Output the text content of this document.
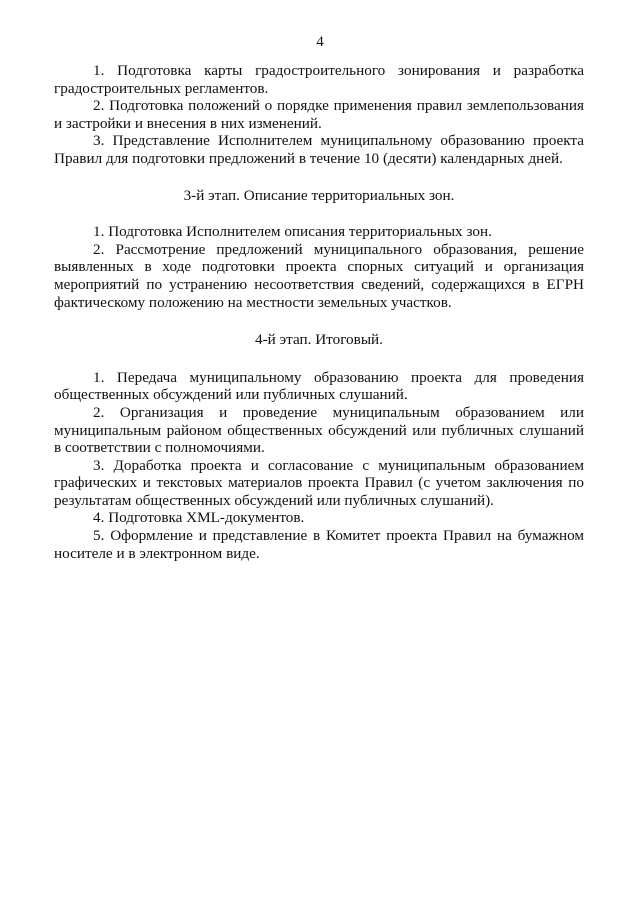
4

1. Подготовка карты градостроительного зонирования и разработка градостроительных регламентов.

2. Подготовка положений о порядке применения правил землепользования и застройки и внесения в них изменений.

3. Представление Исполнителем муниципальному образованию проекта Правил для подготовки предложений в течение 10 (десяти) календарных дней.

3-й этап. Описание территориальных зон.

1. Подготовка Исполнителем описания территориальных зон.

2. Рассмотрение предложений муниципального образования, решение выявленных в ходе подготовки проекта спорных ситуаций и организация мероприятий по устранению несоответствия сведений, содержащихся в ЕГРН фактическому положению на местности земельных участков.

4-й этап. Итоговый.

1. Передача муниципальному образованию проекта для проведения общественных обсуждений или публичных слушаний.

2. Организация и проведение муниципальным образованием или муниципальным районом общественных обсуждений или публичных слушаний в соответствии с полномочиями.

3. Доработка проекта и согласование с муниципальным образованием графических и текстовых материалов проекта Правил (с учетом заключения по результатам общественных обсуждений или публичных слушаний).

4. Подготовка XML-документов.

5. Оформление и представление в Комитет проекта Правил на бумажном носителе и в электронном виде.
